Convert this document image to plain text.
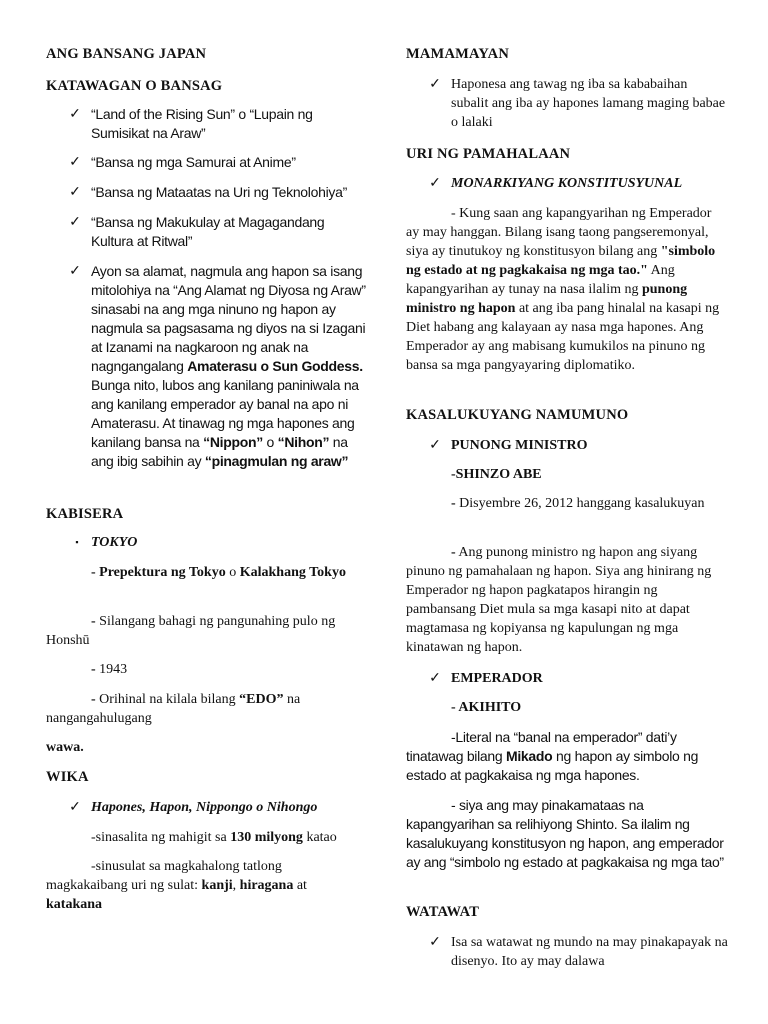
ANG BANSANG JAPAN
KATAWAGAN O BANSAG
✓ “Land of the Rising Sun” o “Lupain ng Sumisikat na Araw”
✓ “Bansa ng mga Samurai at Anime”
✓ “Bansa ng Mataatas na Uri ng Teknolohiya”
✓ “Bansa ng Makukulay at Magagandang Kultura at Ritwal”
✓ Ayon sa alamat, nagmula ang hapon sa isang mitolohiya na “Ang Alamat ng Diyosa ng Araw” sinasabi na ang mga ninuno ng hapon ay nagmula sa pagsasama ng diyos na si Izagani at Izanami na nagkaroon ng anak na nagngangalang Amaterasu o Sun Goddess. Bunga nito, lubos ang kanilang paniniwala na ang kanilang emperador ay banal na apo ni Amaterasu. At tinawag ng mga hapones ang kanilang bansa na “Nippon” o “Nihon” na ang ibig sabihin ay “pinagmulan ng araw”
KABISERA
▪ TOKYO
- Prepektura ng Tokyo o Kalakhang Tokyo
- Silangang bahagi ng pangunahing pulo ng Honshū
- 1943
- Orihinal na kilala bilang “EDO” na nangangahulugang
wawa.
WIKA
✓ Hapones, Hapon, Nippongo o Nihongo
-sinasalita ng mahigit sa 130 milyong katao
-sinusulat sa magkahalong tatlong magkakaibang uri ng sulat: kanji, hiragana at
katakana
MAMAMAYAN
✓ Haponesa ang tawag ng iba sa kababaihan subalit ang iba ay hapones lamang maging babae o lalaki
URI NG PAMAHALAAN
✓ MONARKIYANG KONSTITUSYUNAL
- Kung saan ang kapangyarihan ng Emperador ay may hanggan. Bilang isang taong pangseremonyal, siya ay tinutukoy ng konstitusyon bilang ang "simbolo ng estado at ng pagkakaisa ng mga tao." Ang kapangyarihan ay tunay na nasa ilalim ng punong ministro ng hapon at ang iba pang hinalal na kasapi ng Diet habang ang kalayaan ay nasa mga hapones. Ang Emperador ay ang mabisang kumukilos na pinuno ng bansa sa mga pangyayaring diplomatiko.
KASALUKUYANG NAMUMUNO
✓ PUNONG MINISTRO
-SHINZO ABE
- Disyembre 26, 2012 hanggang kasalukuyan
- Ang punong ministro ng hapon ang siyang pinuno ng pamahalaan ng hapon. Siya ang hinirang ng Emperador ng hapon pagkatapos hirangin ng pambansang Diet mula sa mga kasapi nito at dapat magtamasa ng kopiyansa ng kapulungan ng mga kinatawan ng hapon.
✓ EMPERADOR
- AKIHITO
-Literal na “banal na emperador” dati’y tinatawag bilang Mikado ng hapon ay simbolo ng estado at pagkakaisa ng mga hapones.
- siya ang may pinakamataas na kapangyarihan sa relihiyong Shinto. Sa ilalim ng kasalukuyang konstitusyon ng hapon, ang emperador ay ang “simbolo ng estado at pagkakaisa ng mga tao”
WATAWAT
✓ Isa sa watawat ng mundo na may pinakapayak na disenyo. Ito ay may dalawa
